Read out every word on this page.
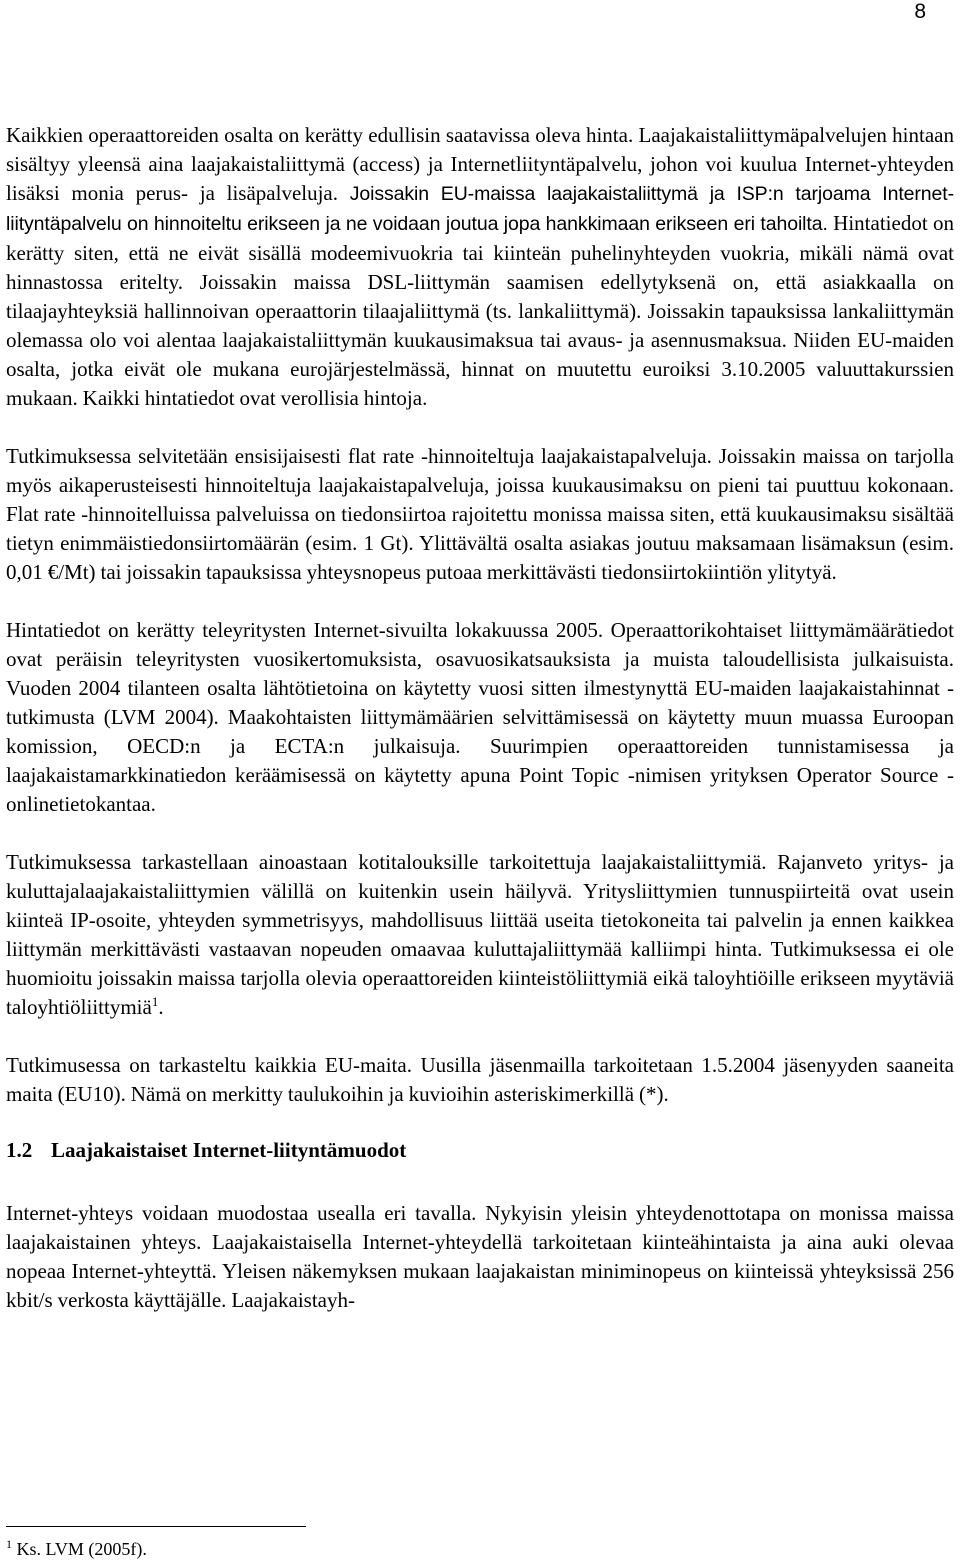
8

Kaikkien operaattoreiden osalta on kerätty edullisin saatavissa oleva hinta. Laajakaistaliittymäpalvelujen hintaan sisältyy yleensä aina laajakaistaliittymä (access) ja Internetliityntäpalvelu, johon voi kuulua Internet-yhteyden lisäksi monia perus- ja lisäpalveluja. Joissakin EU-maissa laajakaistaliittymä ja ISP:n tarjoama Internet-liityntäpalvelu on hinnoiteltu erikseen ja ne voidaan joutua jopa hankkimaan erikseen eri tahoilta. Hintatiedot on kerätty siten, että ne eivät sisällä modeemivuokria tai kiinteän puhelinyhteyden vuokria, mikäli nämä ovat hinnastossa eritelty. Joissakin maissa DSL-liittymän saamisen edellytyksenä on, että asiakkaalla on tilaajayhteyksiä hallinnoivan operaattorin tilaajaliittymä (ts. lankaliittymä). Joissakin tapauksissa lankaliittymän olemassa olo voi alentaa laajakaistaliittymän kuukausimaksua tai avaus- ja asennusmaksua. Niiden EU-maiden osalta, jotka eivät ole mukana eurojärjestelmässä, hinnat on muutettu euroiksi 3.10.2005 valuuttakurssien mukaan. Kaikki hintatiedot ovat verollisia hintoja.

Tutkimuksessa selvitetään ensisijaisesti flat rate -hinnoiteltuja laajakaistapalveluja. Joissakin maissa on tarjolla myös aikaperusteisesti hinnoiteltuja laajakaistapalveluja, joissa kuukausimaksu on pieni tai puuttuu kokonaan. Flat rate -hinnoitelluissa palveluissa on tiedonsiirtoa rajoitettu monissa maissa siten, että kuukausimaksu sisältää tietyn enimmäistiedonsiirtomäärän (esim. 1 Gt). Ylittävältä osalta asiakas joutuu maksamaan lisämaksun (esim. 0,01 €/Mt) tai joissakin tapauksissa yhteysnopeus putoaa merkittävästi tiedonsiirtokiintiön ylitytyä.

Hintatiedot on kerätty teleyritysten Internet-sivuilta lokakuussa 2005. Operaattorikohtaiset liittymämäärätiedot ovat peräisin teleyritysten vuosikertomuksista, osavuosikatsauksista ja muista taloudellisista julkaisuista. Vuoden 2004 tilanteen osalta lähtötietoina on käytetty vuosi sitten ilmestynyttä EU-maiden laajakaistahinnat -tutkimusta (LVM 2004). Maakohtaisten liittymämäärien selvittämisessä on käytetty muun muassa Euroopan komission, OECD:n ja ECTA:n julkaisuja. Suurimpien operaattoreiden tunnistamisessa ja laajakaistamarkkinatiedon keräämisessä on käytetty apuna Point Topic -nimisen yrityksen Operator Source -onlinetietokantaa.

Tutkimuksessa tarkastellaan ainoastaan kotitalouksille tarkoitettuja laajakaistaliittymiä. Rajanveto yritys- ja kuluttajalaajakaistaliittymien välillä on kuitenkin usein häilyvä. Yritysliittymien tunnuspiirteitä ovat usein kiinteä IP-osoite, yhteyden symmetrisyys, mahdollisuus liittää useita tietokoneita tai palvelin ja ennen kaikkea liittymän merkittävästi vastaavan nopeuden omaavaa kuluttajaliittymää kalliimpi hinta. Tutkimuksessa ei ole huomioitu joissakin maissa tarjolla olevia operaattoreiden kiinteistöliittymiä eikä taloyhtiöille erikseen myytäviä taloyhtiöliittymiä$^1$.

Tutkimusessa on tarkasteltu kaikkia EU-maita. Uusilla jäsenmailla tarkoitetaan 1.5.2004 jäsenyyden saaneita maita (EU10). Nämä on merkitty taulukoihin ja kuvioihin asteriskimerkillä (*).

1.2 Laajakaistaiset Internet-liityntämuodot

Internet-yhteys voidaan muodostaa usealla eri tavalla. Nykyisin yleisin yhteydenottotapa on monissa maissa laajakaistainen yhteys. Laajakaistaisella Internet-yhteydellä tarkoitetaan kiinteähintaista ja aina auki olevaa nopeaa Internet-yhteyttä. Yleisen näkemyksen mukaan laajakaistan miniminopeus on kiinteissä yhteyksissä 256 kbit/s verkosta käyttäjälle. Laajakaistayh-

$^1$ Ks. LVM (2005f).
